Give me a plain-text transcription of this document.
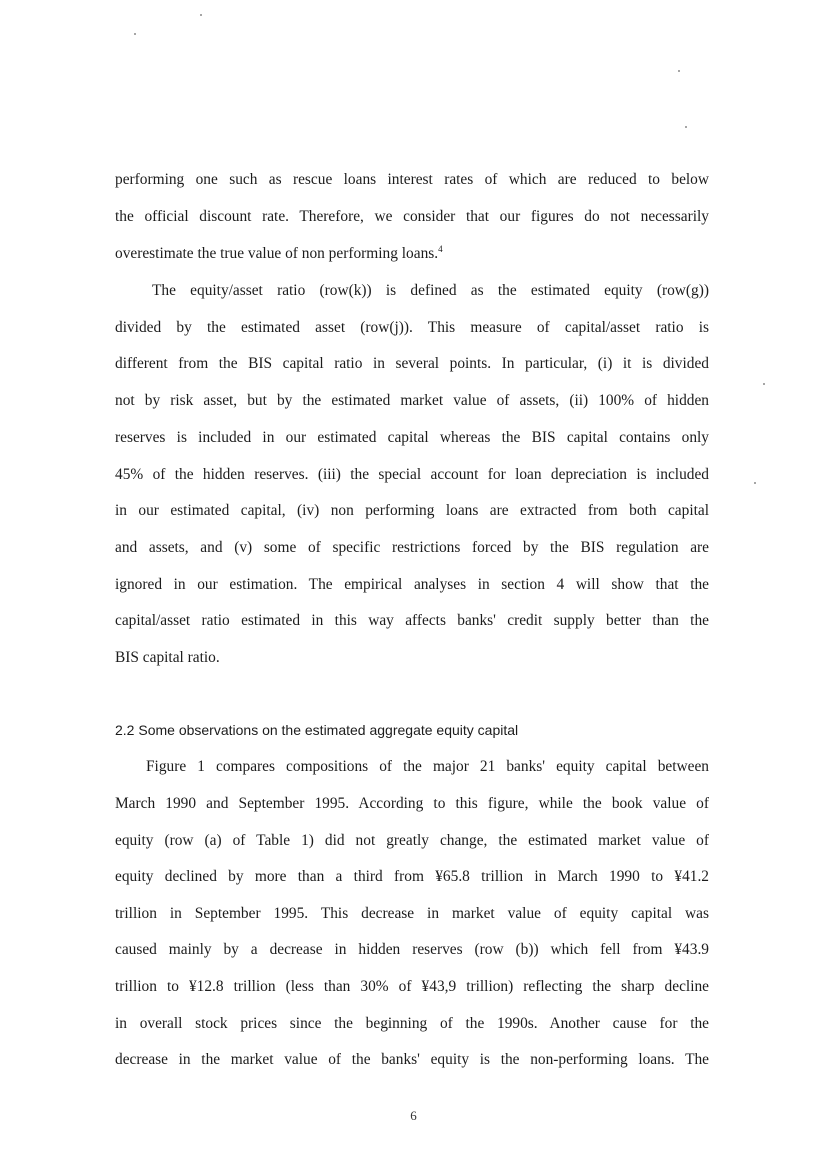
performing one such as rescue loans interest rates of which are reduced to below
the official discount rate. Therefore, we consider that our figures do not necessarily
overestimate the true value of non performing loans.$^4$
The equity/asset ratio (row(k)) is defined as the estimated equity (row(g))
divided by the estimated asset (row(j)). This measure of capital/asset ratio is
different from the BIS capital ratio in several points. In particular, (i) it is divided
not by risk asset, but by the estimated market value of assets, (ii) 100% of hidden
reserves is included in our estimated capital whereas the BIS capital contains only
45% of the hidden reserves. (iii) the special account for loan depreciation is included
in our estimated capital, (iv) non performing loans are extracted from both capital
and assets, and (v) some of specific restrictions forced by the BIS regulation are
ignored in our estimation. The empirical analyses in section 4 will show that the
capital/asset ratio estimated in this way affects banks' credit supply better than the
BIS capital ratio.
2.2 Some observations on the estimated aggregate equity capital
Figure 1 compares compositions of the major 21 banks' equity capital between
March 1990 and September 1995. According to this figure, while the book value of
equity (row (a) of Table 1) did not greatly change, the estimated market value of
equity declined by more than a third from ¥65.8 trillion in March 1990 to ¥41.2
trillion in September 1995. This decrease in market value of equity capital was
caused mainly by a decrease in hidden reserves (row (b)) which fell from ¥43.9
trillion to ¥12.8 trillion (less than 30% of ¥43,9 trillion) reflecting the sharp decline
in overall stock prices since the beginning of the 1990s. Another cause for the
decrease in the market value of the banks' equity is the non-performing loans. The
6
